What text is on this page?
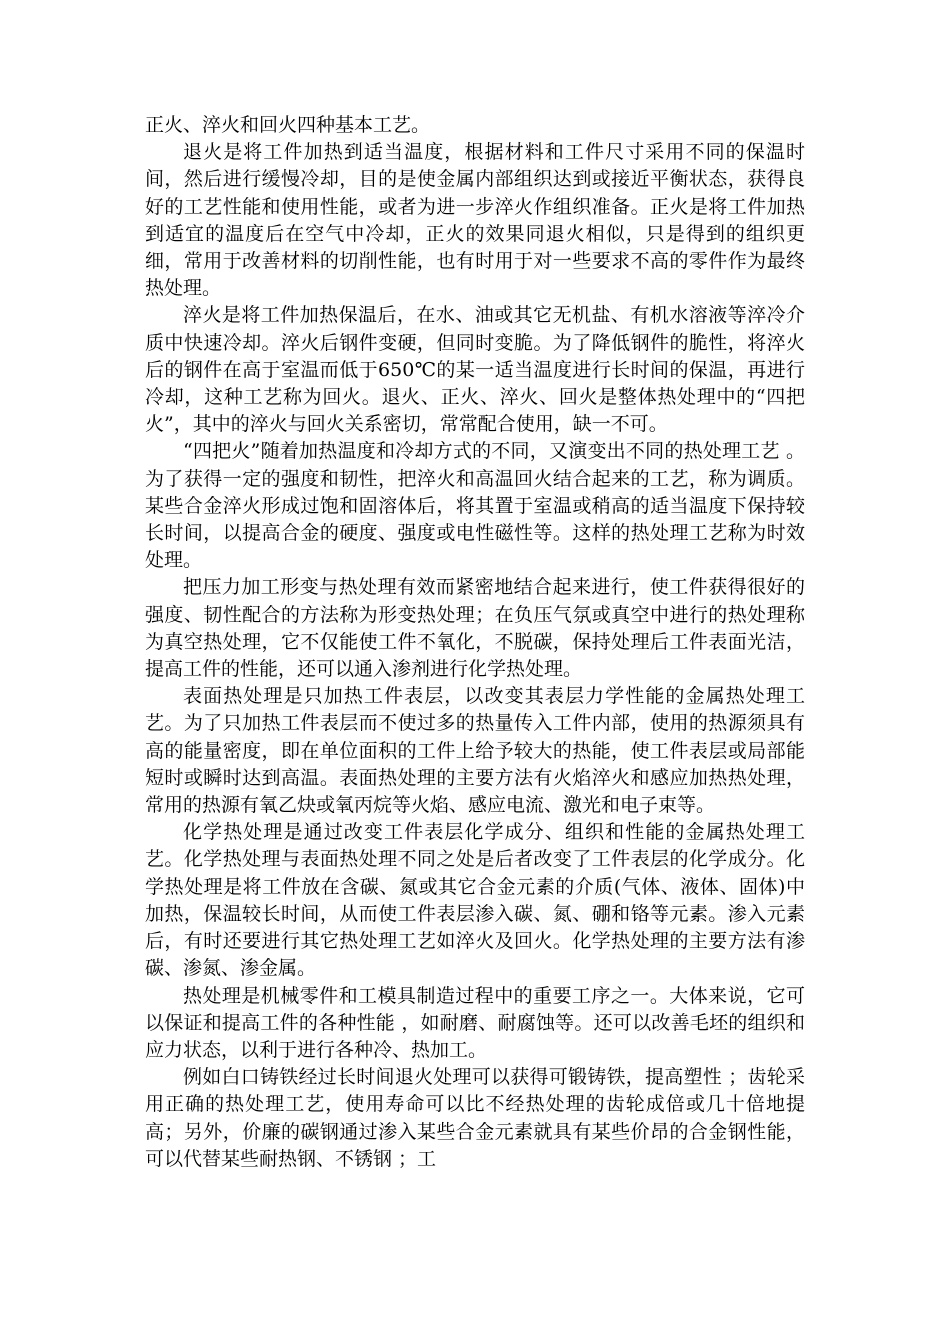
正火、淬火和回火四种基本工艺。

退火是将工件加热到适当温度，根据材料和工件尺寸采用不同的保温时间，然后进行缓慢冷却，目的是使金属内部组织达到或接近平衡状态，获得良好的工艺性能和使用性能，或者为进一步淬火作组织准备。正火是将工件加热到适宜的温度后在空气中冷却，正火的效果同退火相似，只是得到的组织更细，常用于改善材料的切削性能，也有时用于对一些要求不高的零件作为最终热处理。

淬火是将工件加热保温后，在水、油或其它无机盐、有机水溶液等淬冷介质中快速冷却。淬火后钢件变硬，但同时变脆。为了降低钢件的脆性，将淬火后的钢件在高于室温而低于650℃的某一适当温度进行长时间的保温，再进行冷却，这种工艺称为回火。退火、正火、淬火、回火是整体热处理中的“四把火”，其中的淬火与回火关系密切，常常配合使用，缺一不可。

“四把火”随着加热温度和冷却方式的不同，又演变出不同的热处理工艺 。为了获得一定的强度和韧性，把淬火和高温回火结合起来的工艺，称为调质。某些合金淬火形成过饱和固溶体后，将其置于室温或稍高的适当温度下保持较长时间，以提高合金的硬度、强度或电性磁性等。这样的热处理工艺称为时效处理。

把压力加工形变与热处理有效而紧密地结合起来进行，使工件获得很好的强度、韧性配合的方法称为形变热处理；在负压气氛或真空中进行的热处理称为真空热处理，它不仅能使工件不氧化，不脱碳，保持处理后工件表面光洁，提高工件的性能，还可以通入渗剂进行化学热处理。

表面热处理是只加热工件表层，以改变其表层力学性能的金属热处理工艺。为了只加热工件表层而不使过多的热量传入工件内部，使用的热源须具有高的能量密度，即在单位面积的工件上给予较大的热能，使工件表层或局部能短时或瞬时达到高温。表面热处理的主要方法有火焰淬火和感应加热热处理，常用的热源有氧乙炔或氧丙烷等火焰、感应电流、激光和电子束等。

化学热处理是通过改变工件表层化学成分、组织和性能的金属热处理工艺。化学热处理与表面热处理不同之处是后者改变了工件表层的化学成分。化学热处理是将工件放在含碳、氮或其它合金元素的介质(气体、液体、固体)中加热，保温较长时间，从而使工件表层渗入碳、氮、硼和铬等元素。渗入元素后，有时还要进行其它热处理工艺如淬火及回火。化学热处理的主要方法有渗碳、渗氮、渗金属。

热处理是机械零件和工模具制造过程中的重要工序之一。大体来说，它可以保证和提高工件的各种性能 ，如耐磨、耐腐蚀等。还可以改善毛坯的组织和应力状态，以利于进行各种冷、热加工。

例如白口铸铁经过长时间退火处理可以获得可锻铸铁，提高塑性 ；齿轮采用正确的热处理工艺，使用寿命可以比不经热处理的齿轮成倍或几十倍地提高；另外，价廉的碳钢通过渗入某些合金元素就具有某些价昂的合金钢性能，可以代替某些耐热钢、不锈钢 ；工
